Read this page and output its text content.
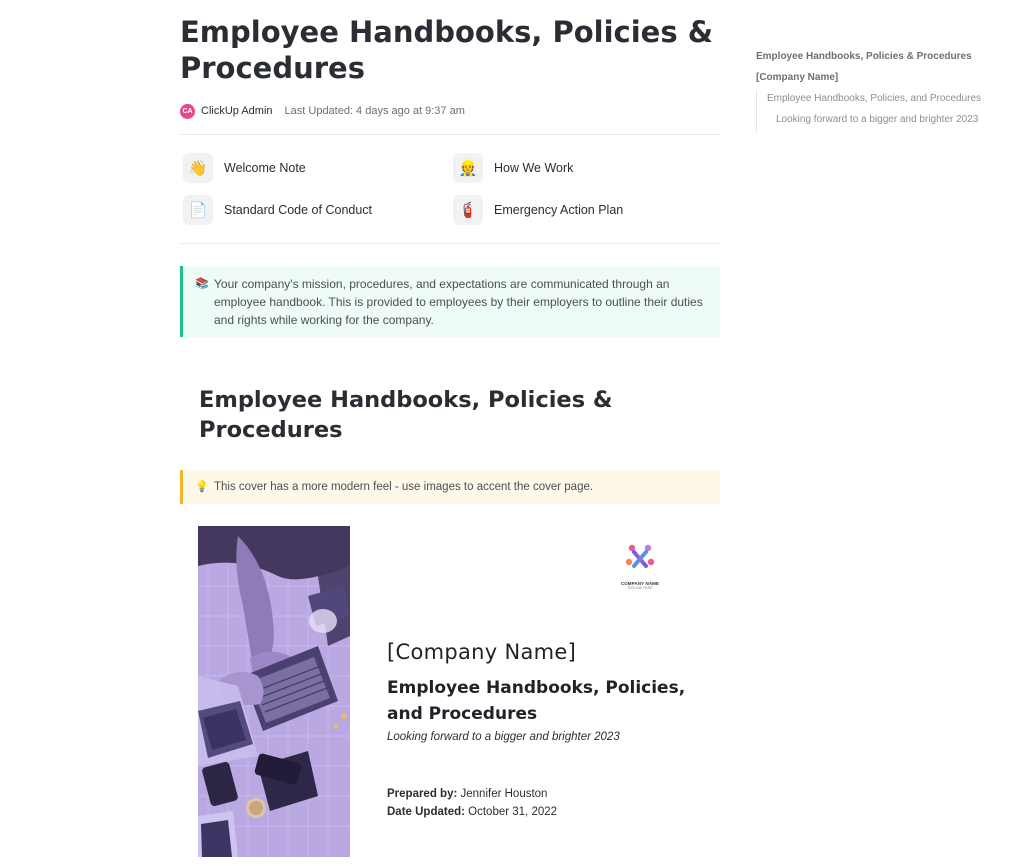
Employee Handbooks, Policies & Procedures
CA ClickUp Admin Last Updated: 4 days ago at 9:37 am
👋	Welcome Note	👷	How We Work
📄	Standard Code of Conduct	🧯	Emergency Action Plan
📚 Your company's mission, procedures, and expectations are communicated through an employee handbook. This is provided to employees by their employers to outline their duties and rights while working for the company.
Employee Handbooks, Policies & Procedures
💡 This cover has a more modern feel - use images to accent the cover page.
COMPANY NAME
TAGLINE HERE
[Company Name]
Employee Handbooks, Policies, and Procedures
Looking forward to a bigger and brighter 2023
Prepared by: Jennifer Houston
Date Updated: October 31, 2022
Employee Handbooks, Policies & Procedures
[Company Name]
Employee Handbooks, Policies, and Procedures
Looking forward to a bigger and brighter 2023
